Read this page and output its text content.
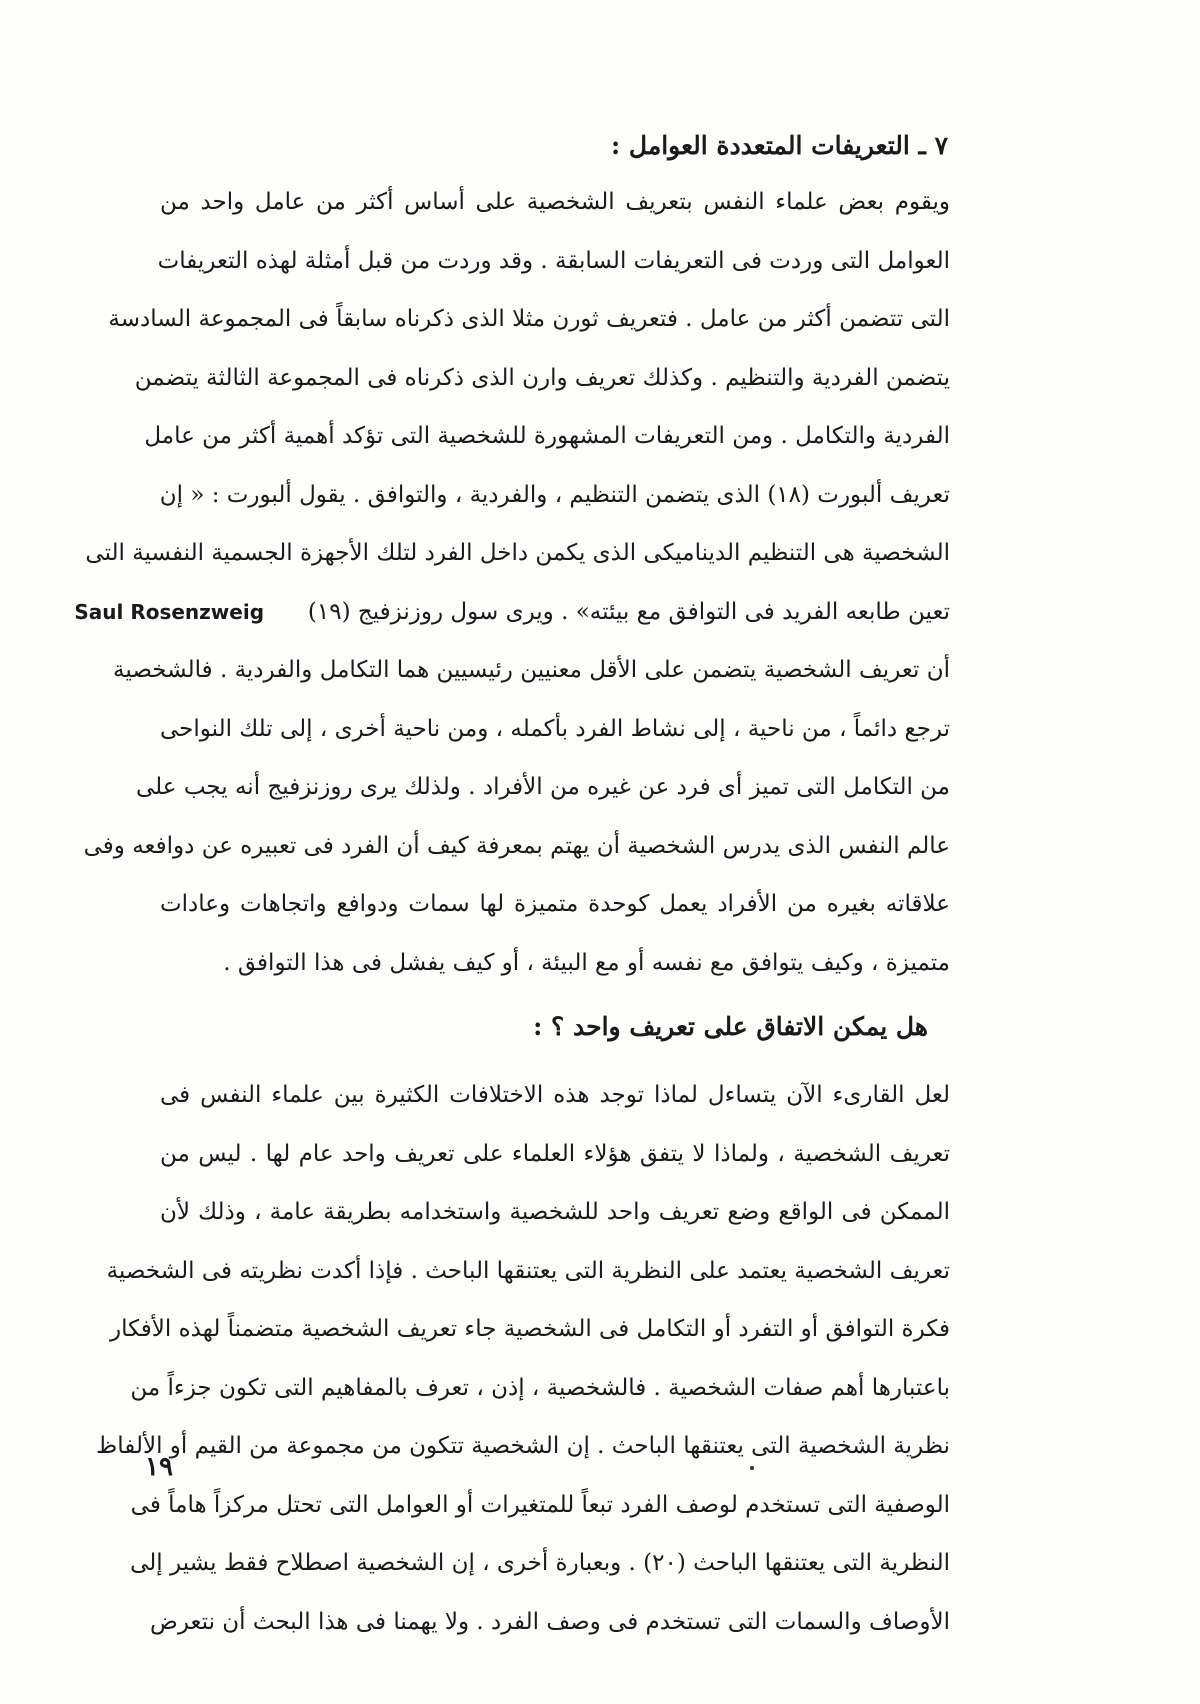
٧ ـ التعريفات المتعددة العوامل :
ويقوم بعض علماء النفس بتعريف الشخصية على أساس أكثر من عامل واحد من
العوامل التى وردت فى التعريفات السابقة . وقد وردت من قبل أمثلة لهذه التعريفات
التى تتضمن أكثر من عامل . فتعريف ثورن مثلا الذى ذكرناه سابقاً فى المجموعة السادسة
يتضمن الفردية والتنظيم . وكذلك تعريف وارن الذى ذكرناه فى المجموعة الثالثة يتضمن
الفردية والتكامل . ومن التعريفات المشهورة للشخصية التى تؤكد أهمية أكثر من عامل
تعريف ألبورت (١٨) الذى يتضمن التنظيم ، والفردية ، والتوافق . يقول ألبورت : « إن
الشخصية هى التنظيم الديناميكى الذى يكمن داخل الفرد لتلك الأجهزة الجسمية النفسية التى
تعين طابعه الفريد فى التوافق مع بيئته» . ويرى سول روزنزفيج (١٩)      Saul Rosenzweig
أن تعريف الشخصية يتضمن على الأقل معنيين رئيسيين هما التكامل والفردية . فالشخصية
ترجع دائماً ، من ناحية ، إلى نشاط الفرد بأكمله ، ومن ناحية أخرى ، إلى تلك النواحى
من التكامل التى تميز أى فرد عن غيره من الأفراد . ولذلك يرى روزنزفيج أنه يجب على
عالم النفس الذى يدرس الشخصية أن يهتم بمعرفة كيف أن الفرد فى تعبيره عن دوافعه وفى
علاقاته بغيره من الأفراد يعمل كوحدة متميزة لها سمات ودوافع واتجاهات وعادات
متميزة ، وكيف يتوافق مع نفسه أو مع البيئة ، أو كيف يفشل فى هذا التوافق .
هل يمكن الاتفاق على تعريف واحد ؟ :
لعل القارىء الآن يتساءل لماذا توجد هذه الاختلافات الكثيرة بين علماء النفس فى
تعريف الشخصية ، ولماذا لا يتفق هؤلاء العلماء على تعريف واحد عام لها . ليس من
الممكن فى الواقع وضع تعريف واحد للشخصية واستخدامه بطريقة عامة ، وذلك لأن
تعريف الشخصية يعتمد على النظرية التى يعتنقها الباحث . فإذا أكدت نظريته فى الشخصية
فكرة التوافق أو التفرد أو التكامل فى الشخصية جاء تعريف الشخصية متضمناً لهذه الأفكار
باعتبارها أهم صفات الشخصية . فالشخصية ، إذن ، تعرف بالمفاهيم التى تكون جزءاً من
نظرية الشخصية التى يعتنقها الباحث . إن الشخصية تتكون من مجموعة من القيم أو الألفاظ
الوصفية التى تستخدم لوصف الفرد تبعاً للمتغيرات أو العوامل التى تحتل مركزاً هاماً فى
النظرية التى يعتنقها الباحث (٢٠) . وبعبارة أخرى ، إن الشخصية اصطلاح فقط يشير إلى
الأوصاف والسمات التى تستخدم فى وصف الفرد . ولا يهمنا فى هذا البحث أن نتعرض
١٩
